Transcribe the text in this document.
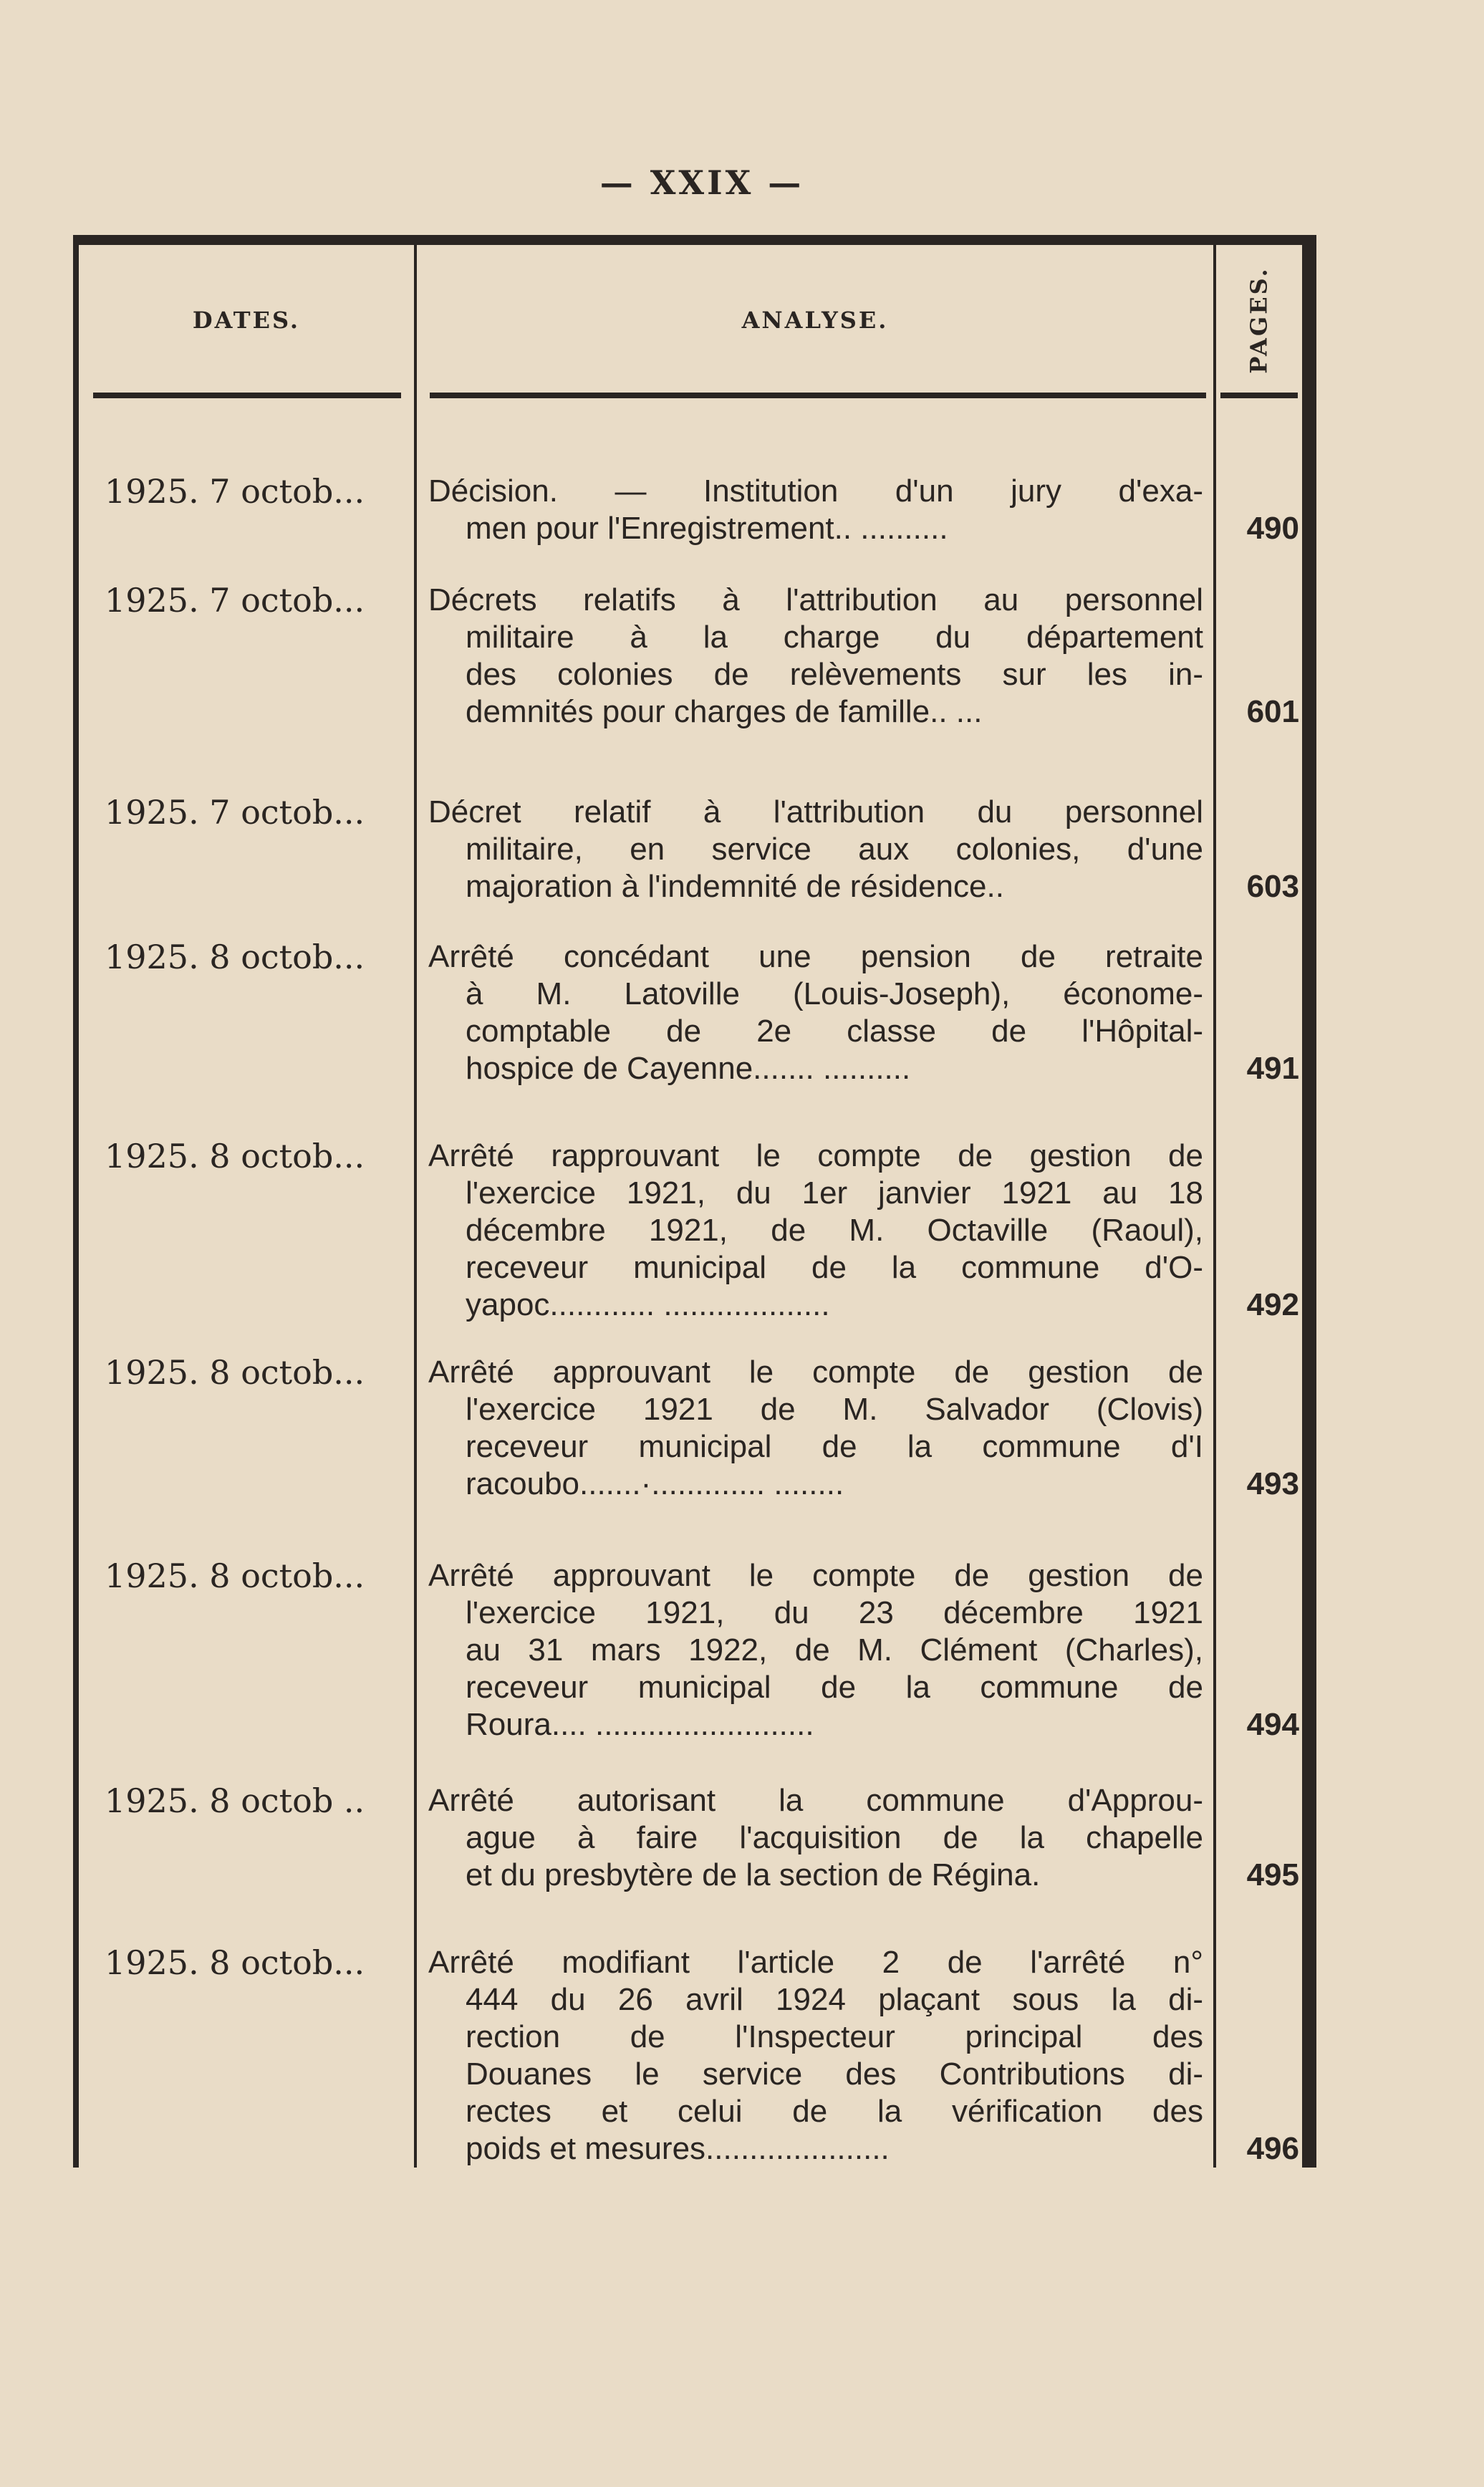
— XXIX —
DATES.	ANALYSE.	PAGES.
1925. 7 octob...	Décision. — Institution d'un jury d'exa-
men pour l'Enregistrement.. ..........	490
1925. 7 octob...	Décrets relatifs à l'attribution au personnel
militaire à la charge du département
des colonies de relèvements sur les in-
demnités pour charges de famille.. ...	601
1925. 7 octob...	Décret relatif à l'attribution du personnel
militaire, en service aux colonies, d'une
majoration à l'indemnité de résidence..	603
1925. 8 octob...	Arrêté concédant une pension de retraite
à M. Latoville (Louis-Joseph), économe-
comptable de 2e classe de l'Hôpital-
hospice de Cayenne....... ..........	491
1925. 8 octob...	Arrêté rapprouvant le compte de gestion de
l'exercice 1921, du 1er janvier 1921 au 18
décembre 1921, de M. Octaville (Raoul),
receveur municipal de la commune d'O-
yapoc............ ...................	492
1925. 8 octob...	Arrêté approuvant le compte de gestion de
l'exercice 1921 de M. Salvador (Clovis)
receveur municipal de la commune d'I
racoubo.......·............. ........	493
1925. 8 octob...	Arrêté approuvant le compte de gestion de
l'exercice 1921, du 23 décembre 1921
au 31 mars 1922, de M. Clément (Charles),
receveur municipal de la commune de
Roura.... .........................	494
1925. 8 octob ..	Arrêté autorisant la commune d'Approu-
ague à faire l'acquisition de la chapelle
et du presbytère de la section de Régina.	495
1925. 8 octob...	Arrêté modifiant l'article 2 de l'arrêté n°
444 du 26 avril 1924 plaçant sous la di-
rection de l'Inspecteur principal des
Douanes le service des Contributions di-
rectes et celui de la vérification des
poids et mesures.....................	496
